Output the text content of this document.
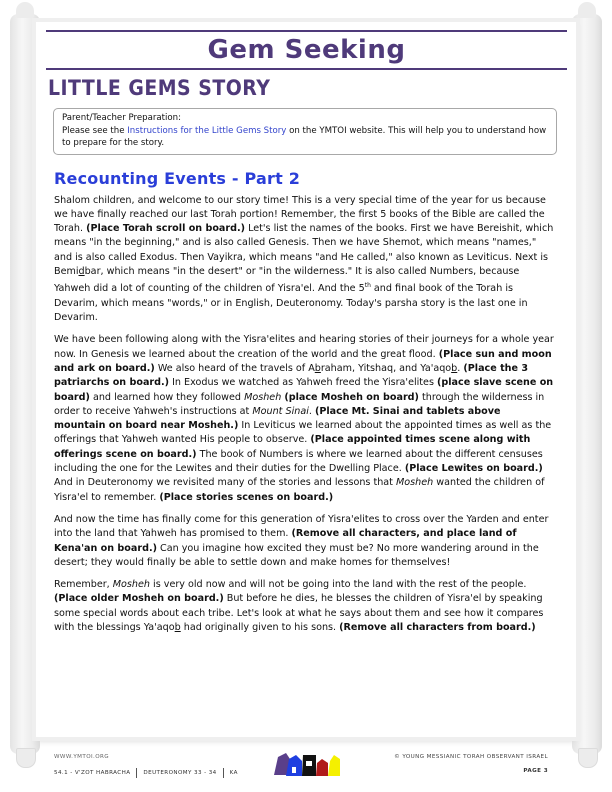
Gem Seeking
LITTLE GEMS STORY
Parent/Teacher Preparation:
Please see the Instructions for the Little Gems Story on the YMTOI website. This will help you to understand how to prepare for the story.
Recounting Events - Part 2

Shalom children, and welcome to our story time! This is a very special time of the year for us because we have finally reached our last Torah portion! Remember, the first 5 books of the Bible are called the Torah. (Place Torah scroll on board.) Let's list the names of the books. First we have Bereishit, which means "in the beginning," and is also called Genesis. Then we have Shemot, which means "names," and is also called Exodus. Then Vayikra, which means "and He called," also known as Leviticus. Next is Bemidbar, which means "in the desert" or "in the wilderness." It is also called Numbers, because Yahweh did a lot of counting of the children of Yisra'el. And the 5th and final book of the Torah is Devarim, which means "words," or in English, Deuteronomy. Today's parsha story is the last one in Devarim.

We have been following along with the Yisra'elites and hearing stories of their journeys for a whole year now. In Genesis we learned about the creation of the world and the great flood. (Place sun and moon and ark on board.) We also heard of the travels of Abraham, Yitshaq, and Ya'aqob. (Place the 3 patriarchs on board.) In Exodus we watched as Yahweh freed the Yisra'elites (place slave scene on board) and learned how they followed Mosheh (place Mosheh on board) through the wilderness in order to receive Yahweh's instructions at Mount Sinai. (Place Mt. Sinai and tablets above mountain on board near Mosheh.) In Leviticus we learned about the appointed times as well as the offerings that Yahweh wanted His people to observe. (Place appointed times scene along with offerings scene on board.) The book of Numbers is where we learned about the different censuses including the one for the Lewites and their duties for the Dwelling Place. (Place Lewites on board.) And in Deuteronomy we revisited many of the stories and lessons that Mosheh wanted the children of Yisra'el to remember. (Place stories scenes on board.)

And now the time has finally come for this generation of Yisra'elites to cross over the Yarden and enter into the land that Yahweh has promised to them. (Remove all characters, and place land of Kena'an on board.) Can you imagine how excited they must be? No more wandering around in the desert; they would finally be able to settle down and make homes for themselves!

Remember, Mosheh is very old now and will not be going into the land with the rest of the people. (Place older Mosheh on board.) But before he dies, he blesses the children of Yisra'el by speaking some special words about each tribe. Let's look at what he says about them and see how it compares with the blessings Ya'aqob had originally given to his sons. (Remove all characters from board.)

WWW.YMTOI.ORG
54.1 - V'ZOT HABRACHA DEUTERONOMY 33 - 34 KA
© YOUNG MESSIANIC TORAH OBSERVANT ISRAEL
PAGE 3
